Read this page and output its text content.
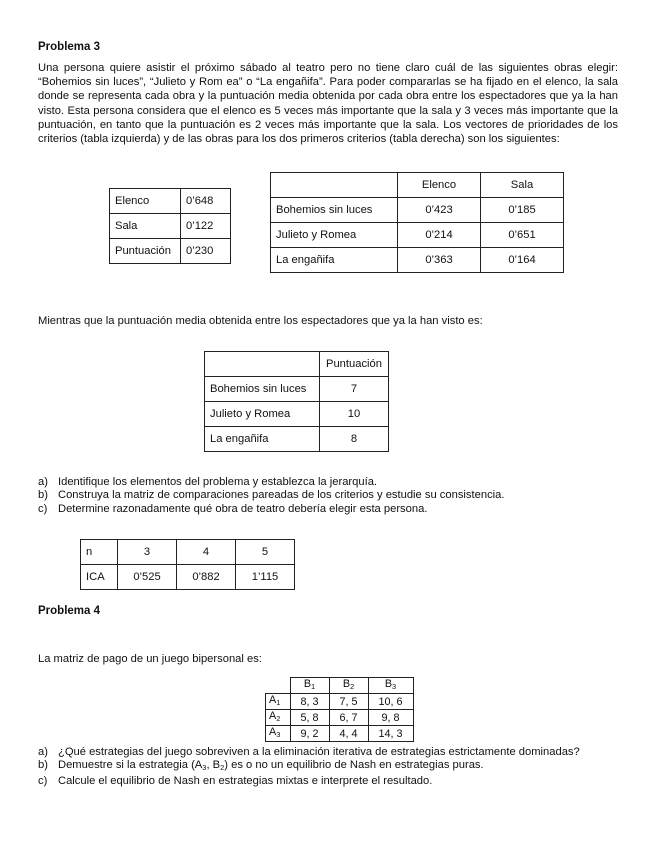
Problema 3
Una persona quiere asistir el próximo sábado al teatro pero no tiene claro cuál de las siguientes obras elegir: “Bohemios sin luces”, “Julieto y Rom ea” o “La engañifa”. Para poder compararlas se ha fijado en el elenco, la sala donde se representa cada obra y la puntuación media obtenida por cada obra entre los espectadores que ya la han visto. Esta persona considera que el elenco es 5 veces más importante que la sala y 3 veces más importante que la puntuación, en tanto que la puntuación es 2 veces más importante que la sala. Los vectores de prioridades de los criterios (tabla izquierda) y de las obras para los dos primeros criterios (tabla derecha) son los siguientes:
Elenco	0’648
Sala	0’122
Puntuación	0’230
	Elenco	Sala
Bohemios sin luces	0’423	0’185
Julieto y Romea	0’214	0’651
La engañifa	0’363	0’164
Mientras que la puntuación media obtenida entre los espectadores que ya la han visto es:
	Puntuación
Bohemios sin luces	7
Julieto y Romea	10
La engañifa	8
a) Identifique los elementos del problema y establezca la jerarquía.
b) Construya la matriz de comparaciones pareadas de los criterios y estudie su consistencia.
c) Determine razonadamente qué obra de teatro debería elegir esta persona.
n	3	4	5
ICA	0’525	0’882	1’115
Problema 4
La matriz de pago de un juego bipersonal es:
	$B_1$	$B_2$	$B_3$
$A_1$	8, 3	7, 5	10, 6
$A_2$	5, 8	6, 7	9, 8
$A_3$	9, 2	4, 4	14, 3
a) ¿Qué estrategias del juego sobreviven a la eliminación iterativa de estrategias estrictamente dominadas?
b) Demuestre si la estrategia ($A_3$, $B_2$) es o no un equilibrio de Nash en estrategias puras.
c) Calcule el equilibrio de Nash en estrategias mixtas e interprete el resultado.
